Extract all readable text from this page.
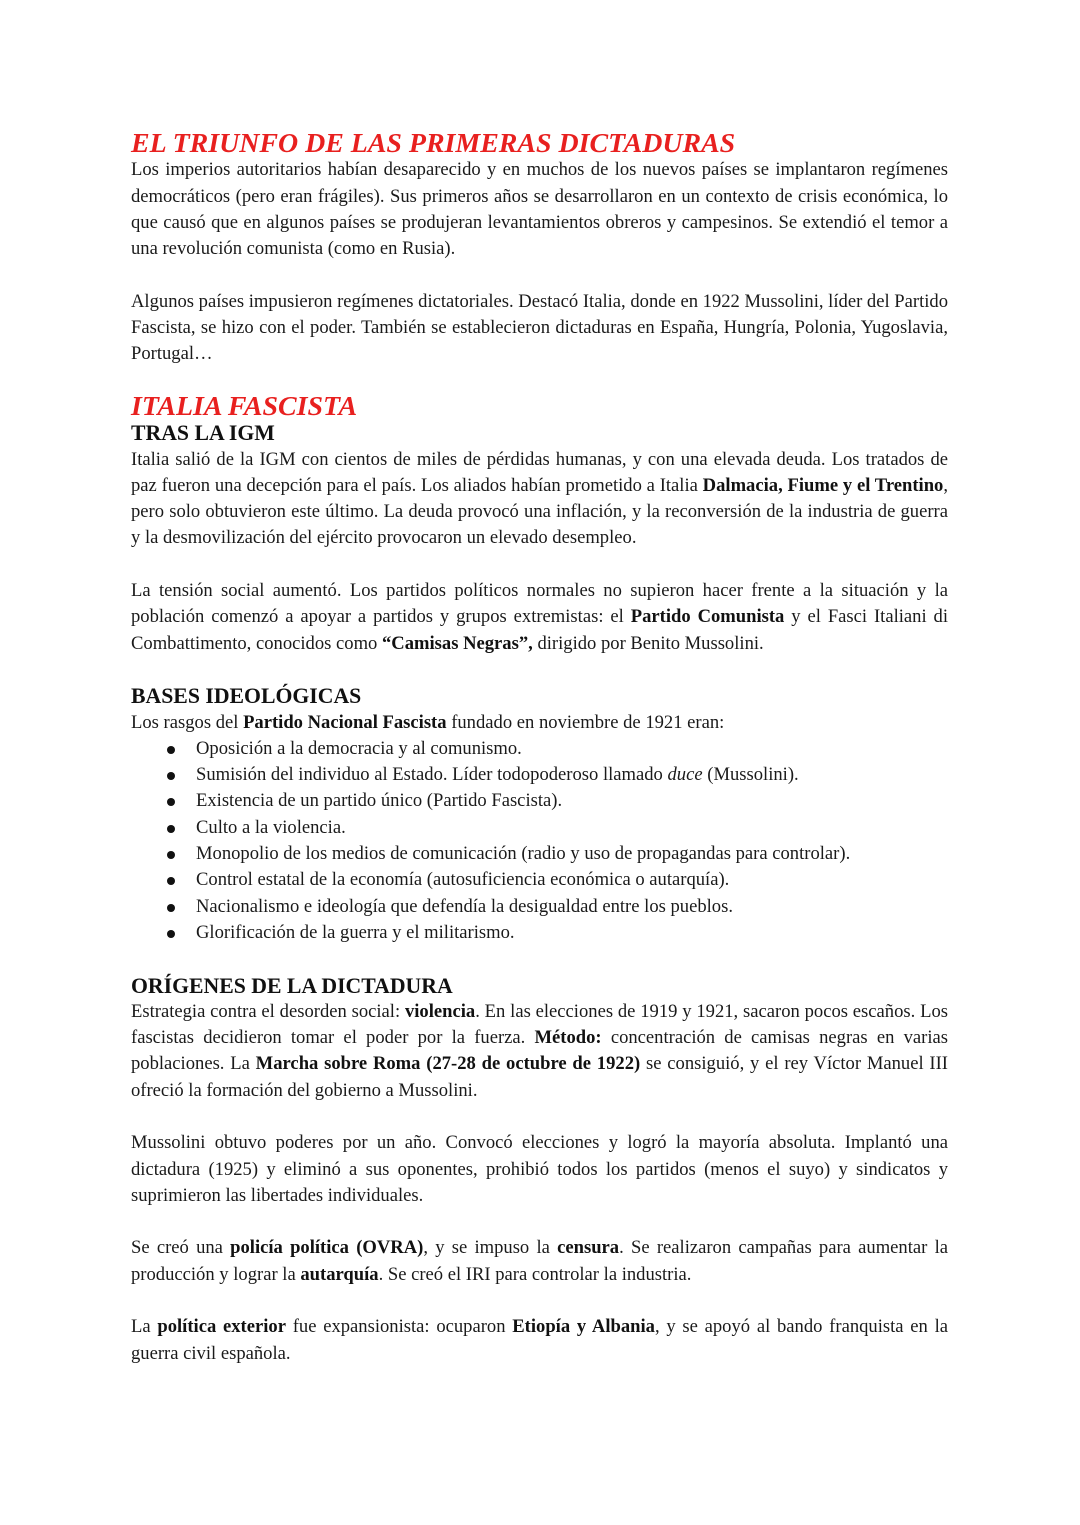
EL TRIUNFO DE LAS PRIMERAS DICTADURAS

Los imperios autoritarios habían desaparecido y en muchos de los nuevos países se implantaron regímenes democráticos (pero eran frágiles). Sus primeros años se desarrollaron en un contexto de crisis económica, lo que causó que en algunos países se produjeran levantamientos obreros y campesinos. Se extendió el temor a una revolución comunista (como en Rusia).

Algunos países impusieron regímenes dictatoriales. Destacó Italia, donde en 1922 Mussolini, líder del Partido Fascista, se hizo con el poder. También se establecieron dictaduras en España, Hungría, Polonia, Yugoslavia, Portugal…

ITALIA FASCISTA
TRAS LA IGM

Italia salió de la IGM con cientos de miles de pérdidas humanas, y con una elevada deuda. Los tratados de paz fueron una decepción para el país. Los aliados habían prometido a Italia Dalmacia, Fiume y el Trentino, pero solo obtuvieron este último. La deuda provocó una inflación, y la reconversión de la industria de guerra y la desmovilización del ejército provocaron un elevado desempleo.

La tensión social aumentó. Los partidos políticos normales no supieron hacer frente a la situación y la población comenzó a apoyar a partidos y grupos extremistas: el Partido Comunista y el Fasci Italiani di Combattimento, conocidos como “Camisas Negras”, dirigido por Benito Mussolini.

BASES IDEOLÓGICAS

Los rasgos del Partido Nacional Fascista fundado en noviembre de 1921 eran:

Oposición a la democracia y al comunismo.
Sumisión del individuo al Estado. Líder todopoderoso llamado duce (Mussolini).
Existencia de un partido único (Partido Fascista).
Culto a la violencia.
Monopolio de los medios de comunicación (radio y uso de propagandas para controlar).
Control estatal de la economía (autosuficiencia económica o autarquía).
Nacionalismo e ideología que defendía la desigualdad entre los pueblos.
Glorificación de la guerra y el militarismo.
ORÍGENES DE LA DICTADURA

Estrategia contra el desorden social: violencia. En las elecciones de 1919 y 1921, sacaron pocos escaños. Los fascistas decidieron tomar el poder por la fuerza. Método: concentración de camisas negras en varias poblaciones. La Marcha sobre Roma (27-28 de octubre de 1922) se consiguió, y el rey Víctor Manuel III ofreció la formación del gobierno a Mussolini.

Mussolini obtuvo poderes por un año. Convocó elecciones y logró la mayoría absoluta. Implantó una dictadura (1925) y eliminó a sus oponentes, prohibió todos los partidos (menos el suyo) y sindicatos y suprimieron las libertades individuales.

Se creó una policía política (OVRA), y se impuso la censura. Se realizaron campañas para aumentar la producción y lograr la autarquía. Se creó el IRI para controlar la industria.

La política exterior fue expansionista: ocuparon Etiopía y Albania, y se apoyó al bando franquista en la guerra civil española.
